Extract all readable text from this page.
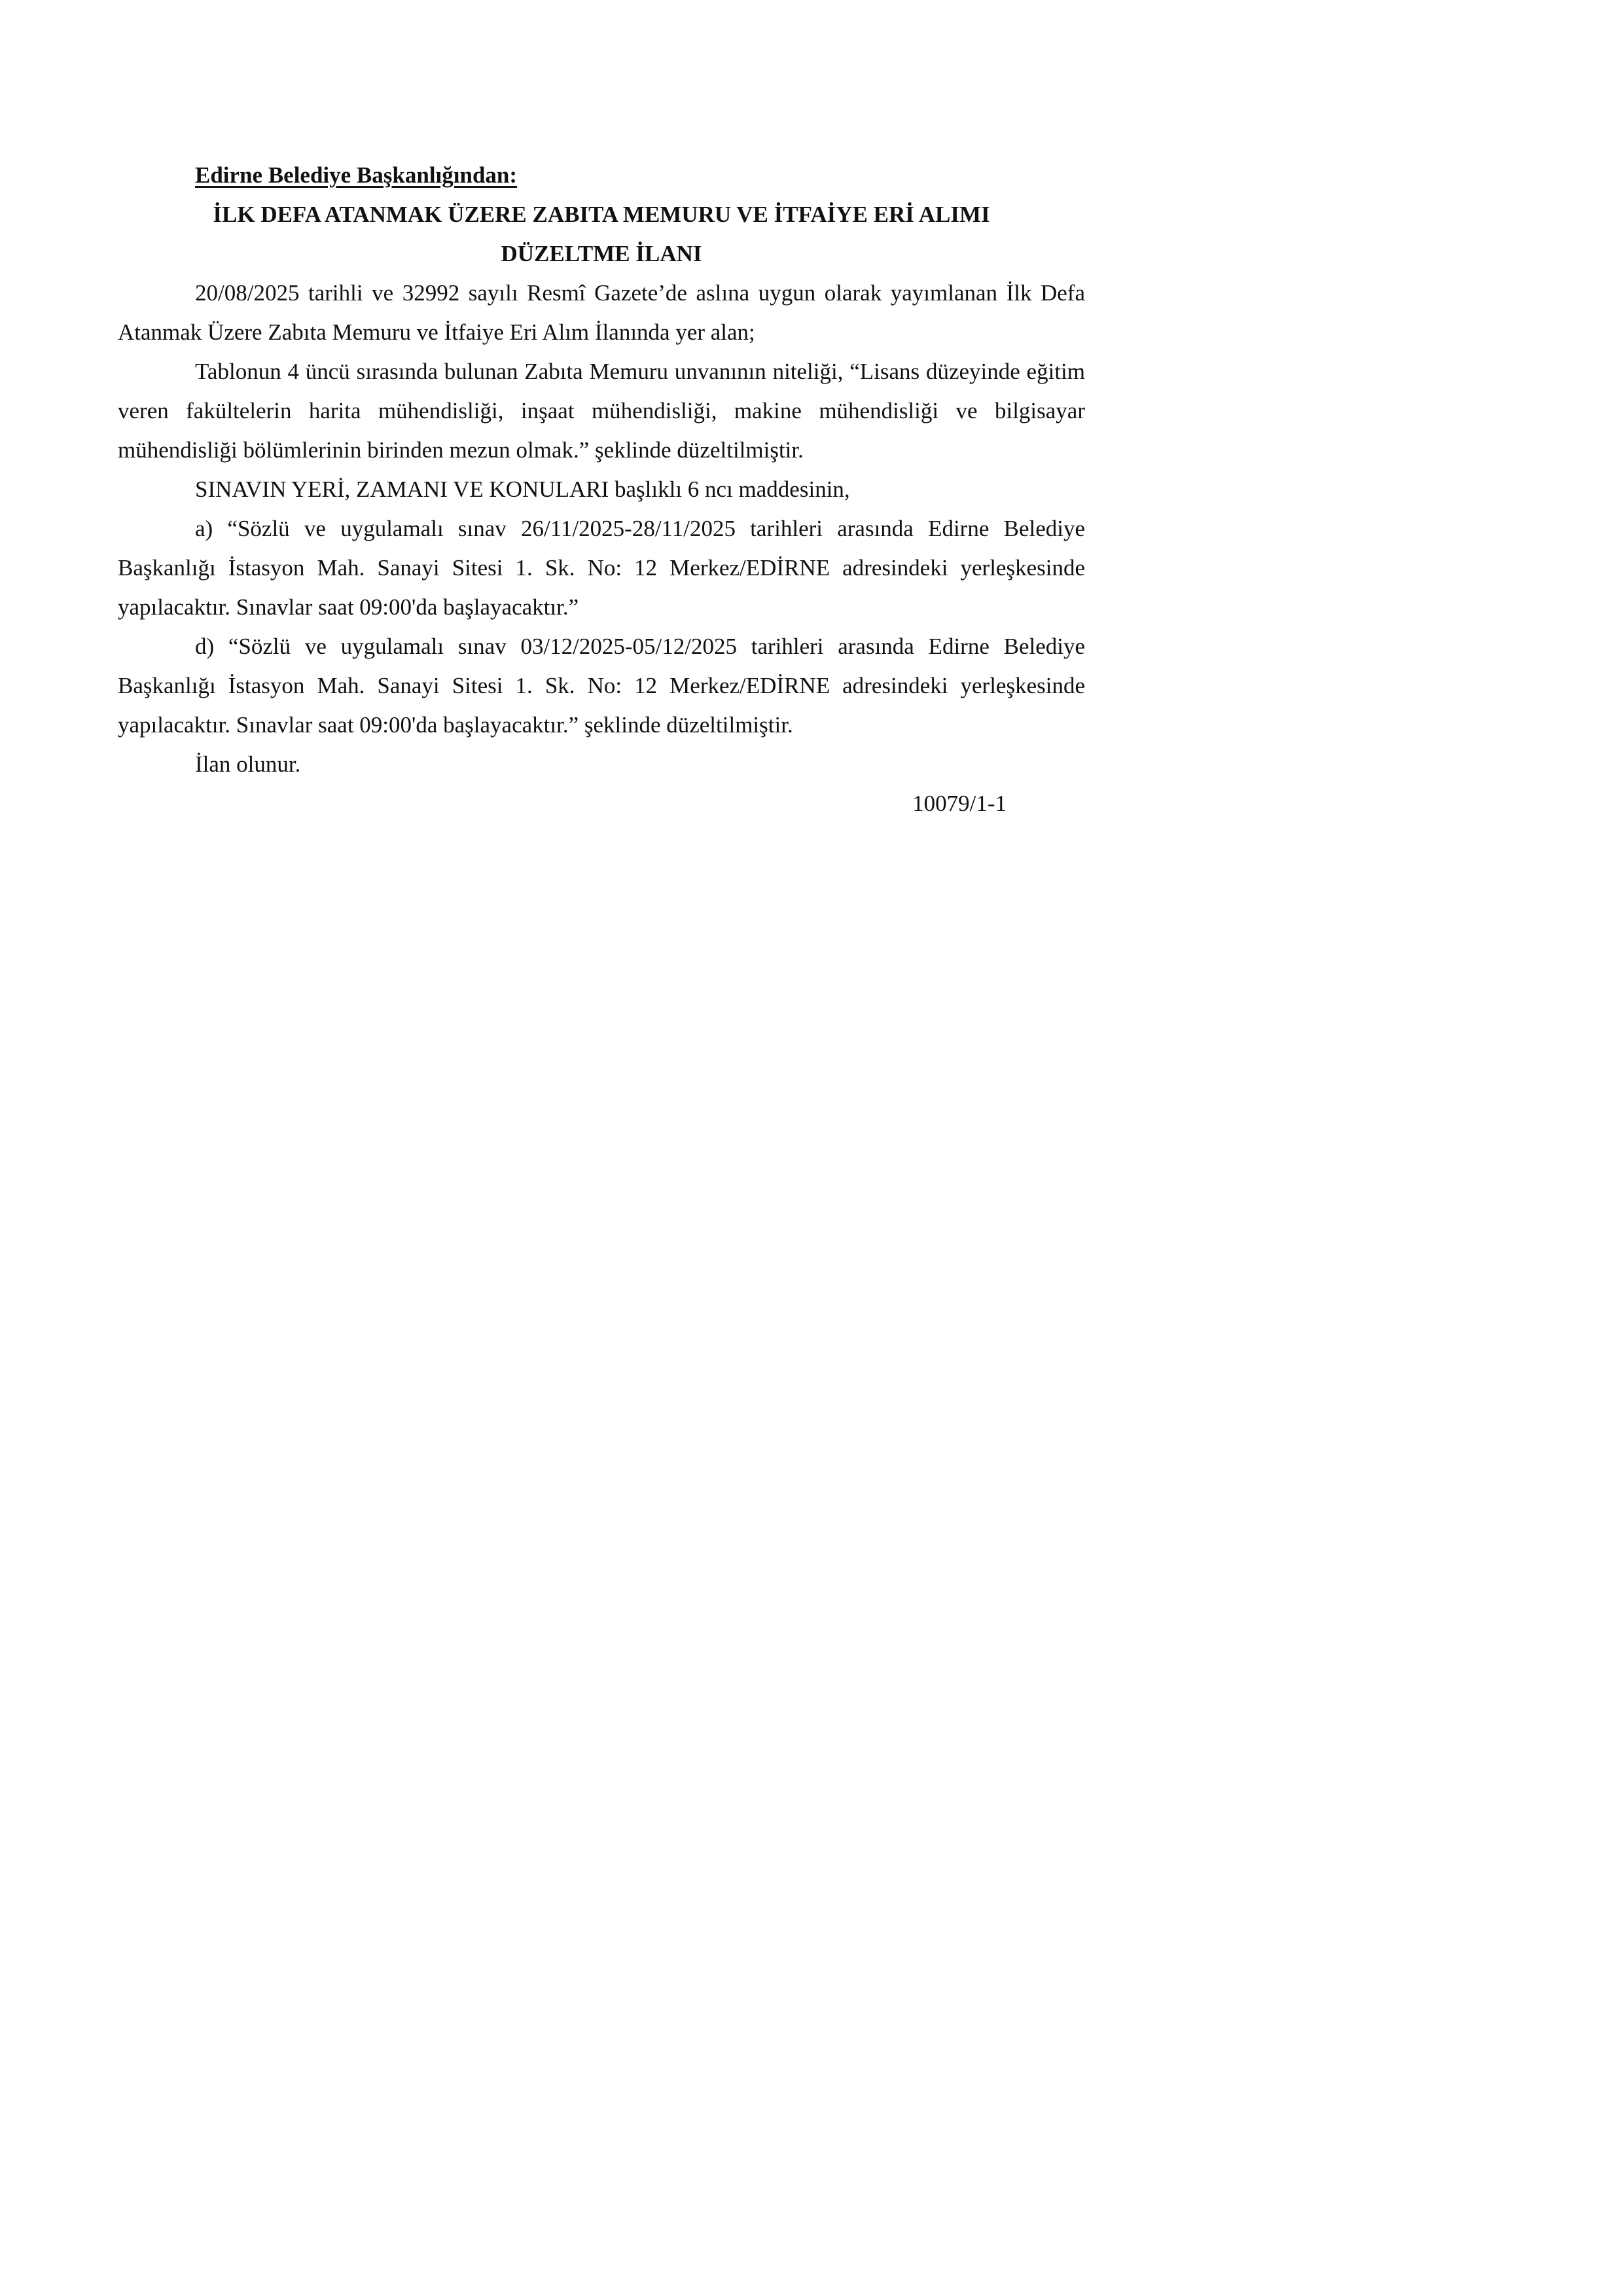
Edirne Belediye Başkanlığından:

İLK DEFA ATANMAK ÜZERE ZABITA MEMURU VE İTFAİYE ERİ ALIMI

DÜZELTME İLANI

20/08/2025 tarihli ve 32992 sayılı Resmî Gazete’de aslına uygun olarak yayımlanan İlk Defa Atanmak Üzere Zabıta Memuru ve İtfaiye Eri Alım İlanında yer alan;

Tablonun 4 üncü sırasında bulunan Zabıta Memuru unvanının niteliği, “Lisans düzeyinde eğitim veren fakültelerin harita mühendisliği, inşaat mühendisliği, makine mühendisliği ve bilgisayar mühendisliği bölümlerinin birinden mezun olmak.” şeklinde düzeltilmiştir.

SINAVIN YERİ, ZAMANI VE KONULARI başlıklı 6 ncı maddesinin,

a) “Sözlü ve uygulamalı sınav 26/11/2025-28/11/2025 tarihleri arasında Edirne Belediye Başkanlığı İstasyon Mah. Sanayi Sitesi 1. Sk. No: 12 Merkez/EDİRNE adresindeki yerleşkesinde yapılacaktır. Sınavlar saat 09:00'da başlayacaktır.”

d) “Sözlü ve uygulamalı sınav 03/12/2025-05/12/2025 tarihleri arasında Edirne Belediye Başkanlığı İstasyon Mah. Sanayi Sitesi 1. Sk. No: 12 Merkez/EDİRNE adresindeki yerleşkesinde yapılacaktır. Sınavlar saat 09:00'da başlayacaktır.” şeklinde düzeltilmiştir.

İlan olunur.

10079/1-1
